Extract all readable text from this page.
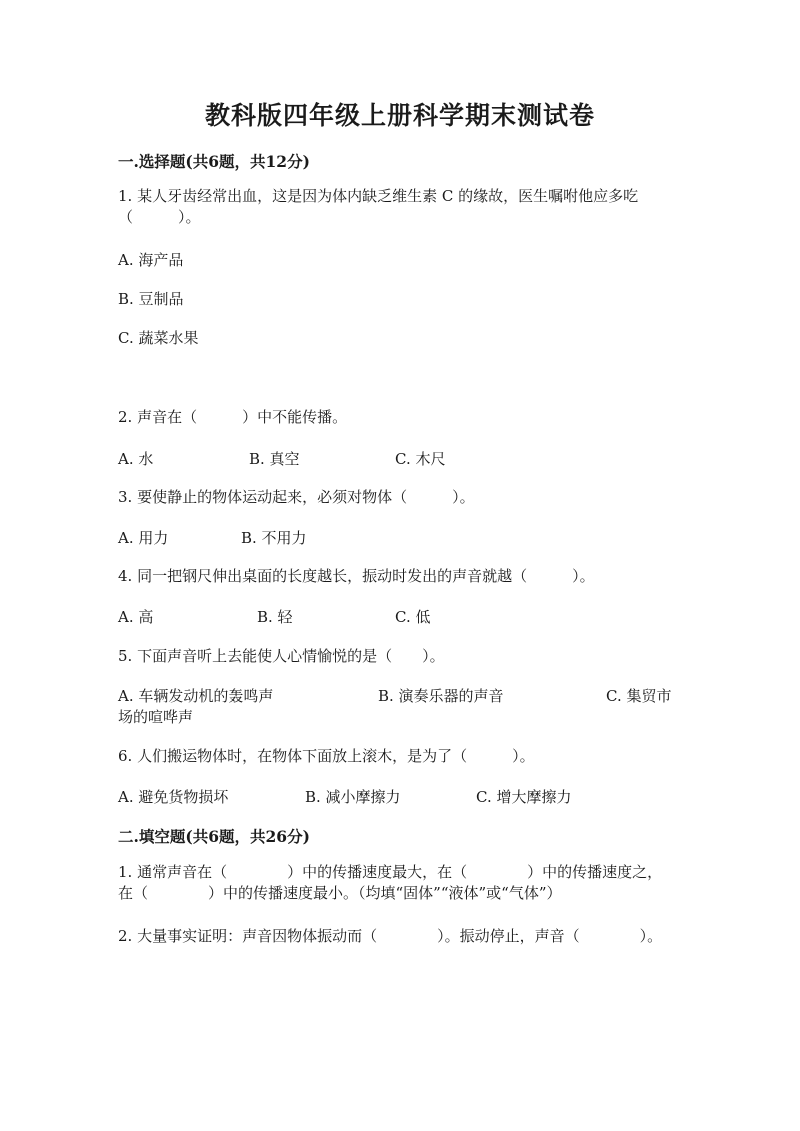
教科版四年级上册科学期末测试卷
一.选择题(共6题，共12分)
1. 某人牙齿经常出血，这是因为体内缺乏维生素 C 的缘故，医生嘱咐他应多吃（　　　）。
A. 海产品
B. 豆制品
C. 蔬菜水果
2. 声音在（　　　）中不能传播。
A. 水	B. 真空	C. 木尺
3. 要使静止的物体运动起来，必须对物体（　　　）。
A. 用力	B. 不用力
4. 同一把钢尺伸出桌面的长度越长，振动时发出的声音就越（　　　）。
A. 高	B. 轻	C. 低
5. 下面声音听上去能使人心情愉悦的是（　　）。
A. 车辆发动机的轰鸣声	B. 演奏乐器的声音	C. 集贸市
场的喧哗声
6. 人们搬运物体时，在物体下面放上滚木，是为了（　　　）。
A. 避免货物损坏	B. 减小摩擦力	C. 增大摩擦力
二.填空题(共6题，共26分)
1. 通常声音在（　　　　）中的传播速度最大，在（　　　　）中的传播速度之，在（　　　　）中的传播速度最小。（均填“固体”“液体”或“气体”）
2. 大量事实证明：声音因物体振动而（　　　　）。振动停止，声音（　　　　）。
